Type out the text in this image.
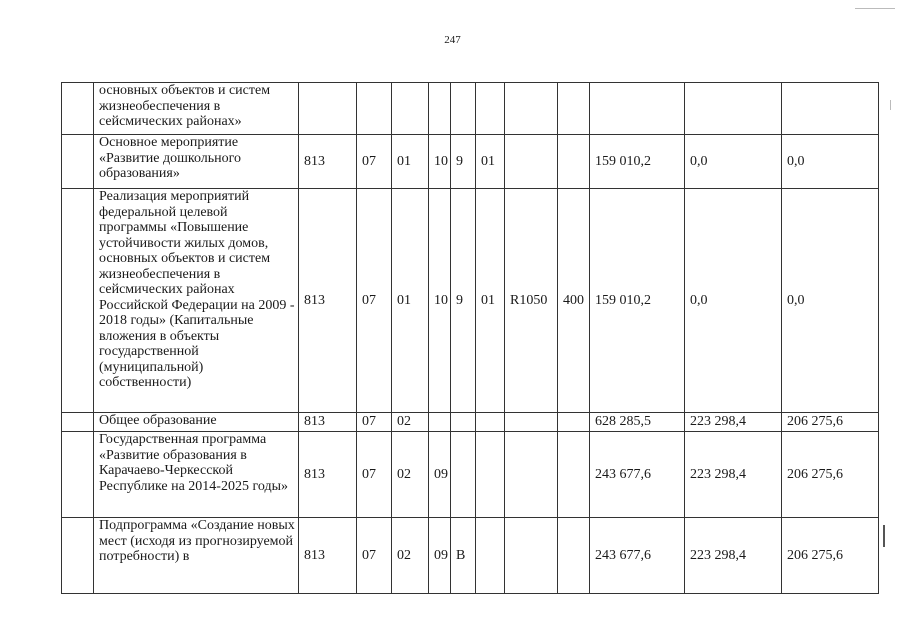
247
	основных объектов и систем жизнеобеспечения в сейсмических районах»											
	Основное мероприятие «Развитие дошкольного образования»	813	07	01	10	9	01			159 010,2	0,0	0,0
	Реализация мероприятий федеральной целевой программы «Повышение устойчивости жилых домов, основных объектов и систем жизнеобеспечения в сейсмических районах Российской Федерации на 2009 - 2018 годы» (Капитальные вложения в объекты государственной (муниципальной) собственности)	813	07	01	10	9	01	R1050	400	159 010,2	0,0	0,0
	Общее образование	813	07	02						628 285,5	223 298,4	206 275,6
	Государственная программа «Развитие образования в Карачаево-Черкесской Республике на 2014-2025 годы»	813	07	02	09					243 677,6	223 298,4	206 275,6
	Подпрограмма «Создание новых мест (исходя из прогнозируемой потребности) в	813	07	02	09	В				243 677,6	223 298,4	206 275,6
